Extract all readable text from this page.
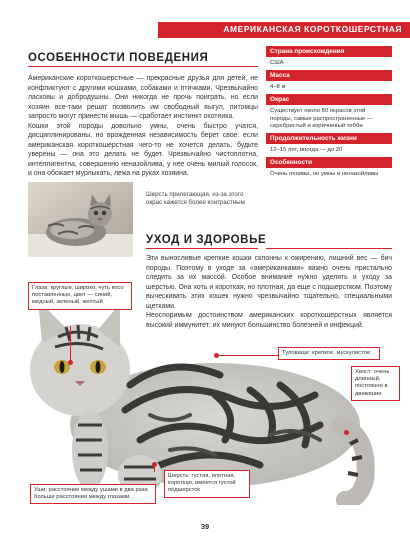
АМЕРИКАНСКАЯ КОРОТКОШЕРСТНАЯ
ОСОБЕННОСТИ ПОВЕДЕНИЯ

Американские короткошерстные — прекрасные друзья для детей, не конфликтуют с другими кошками, собаками и птичками. Чрезвычайно ласковы и добродушны. Они никогда не прочь поиграть, но если хозяин все-таки решит позволить им свободный выгул, питомцы запросто могут принести мышь — сработает инстинкт охотника.

Кошки этой породы довольно умны, очень быстро учатся, дисциплинированы, но врожденная независимость берет свое: если американская короткошерстная чего-то не хочется делать, будьте уверены — она это делать не будет. Чрезвычайно чистоплотна, интеллигентна, совершенно неназойлива, у нее очень милый голосок, и она обожает мурлыкать, лежа на руках хозяина.

Страна происхождения
США
Масса
4–8 кг
Окрас
Существует около 80 окрасов этой породы, самые распространенные — серебристый и коричневый тебби
Продолжительность жизни
12–15 лет, иногда — до 20
Особенности
Очень ленивы, но умны и неназойливы
Шерсть прилегающая, из-за этого окрас кажется более контрастным
УХОД И ЗДОРОВЬЕ

Эти выносливые крепкие кошки склонны к ожирению, лишний вес — бич породы. Поэтому в уходе за «американками» важно очень пристально следить за их массой. Особое внимание нужно уделять и уходу за шерстью. Она хоть и короткая, но плотная, да еще с подшерстком. Поэтому выческивать этих кошек нужно чрезвычайно тщательно, специальными щетками.

Неоспоримым достоинством американских короткошерстных является высокий иммунитет: их минуют большинство болезней и инфекций.

Глаза: круглые, широко, чуть косо поставленные, цвет — синий, медный, зеленый, желтый
Туловище: крепкое, мускулистое
Хвост: очень длинный, постоянно в движении
Шерсть: густая, плотная, короткая, имеется густой подшерсток
Уши: расстояние между ушами в два раза больше расстояния между глазами
39
